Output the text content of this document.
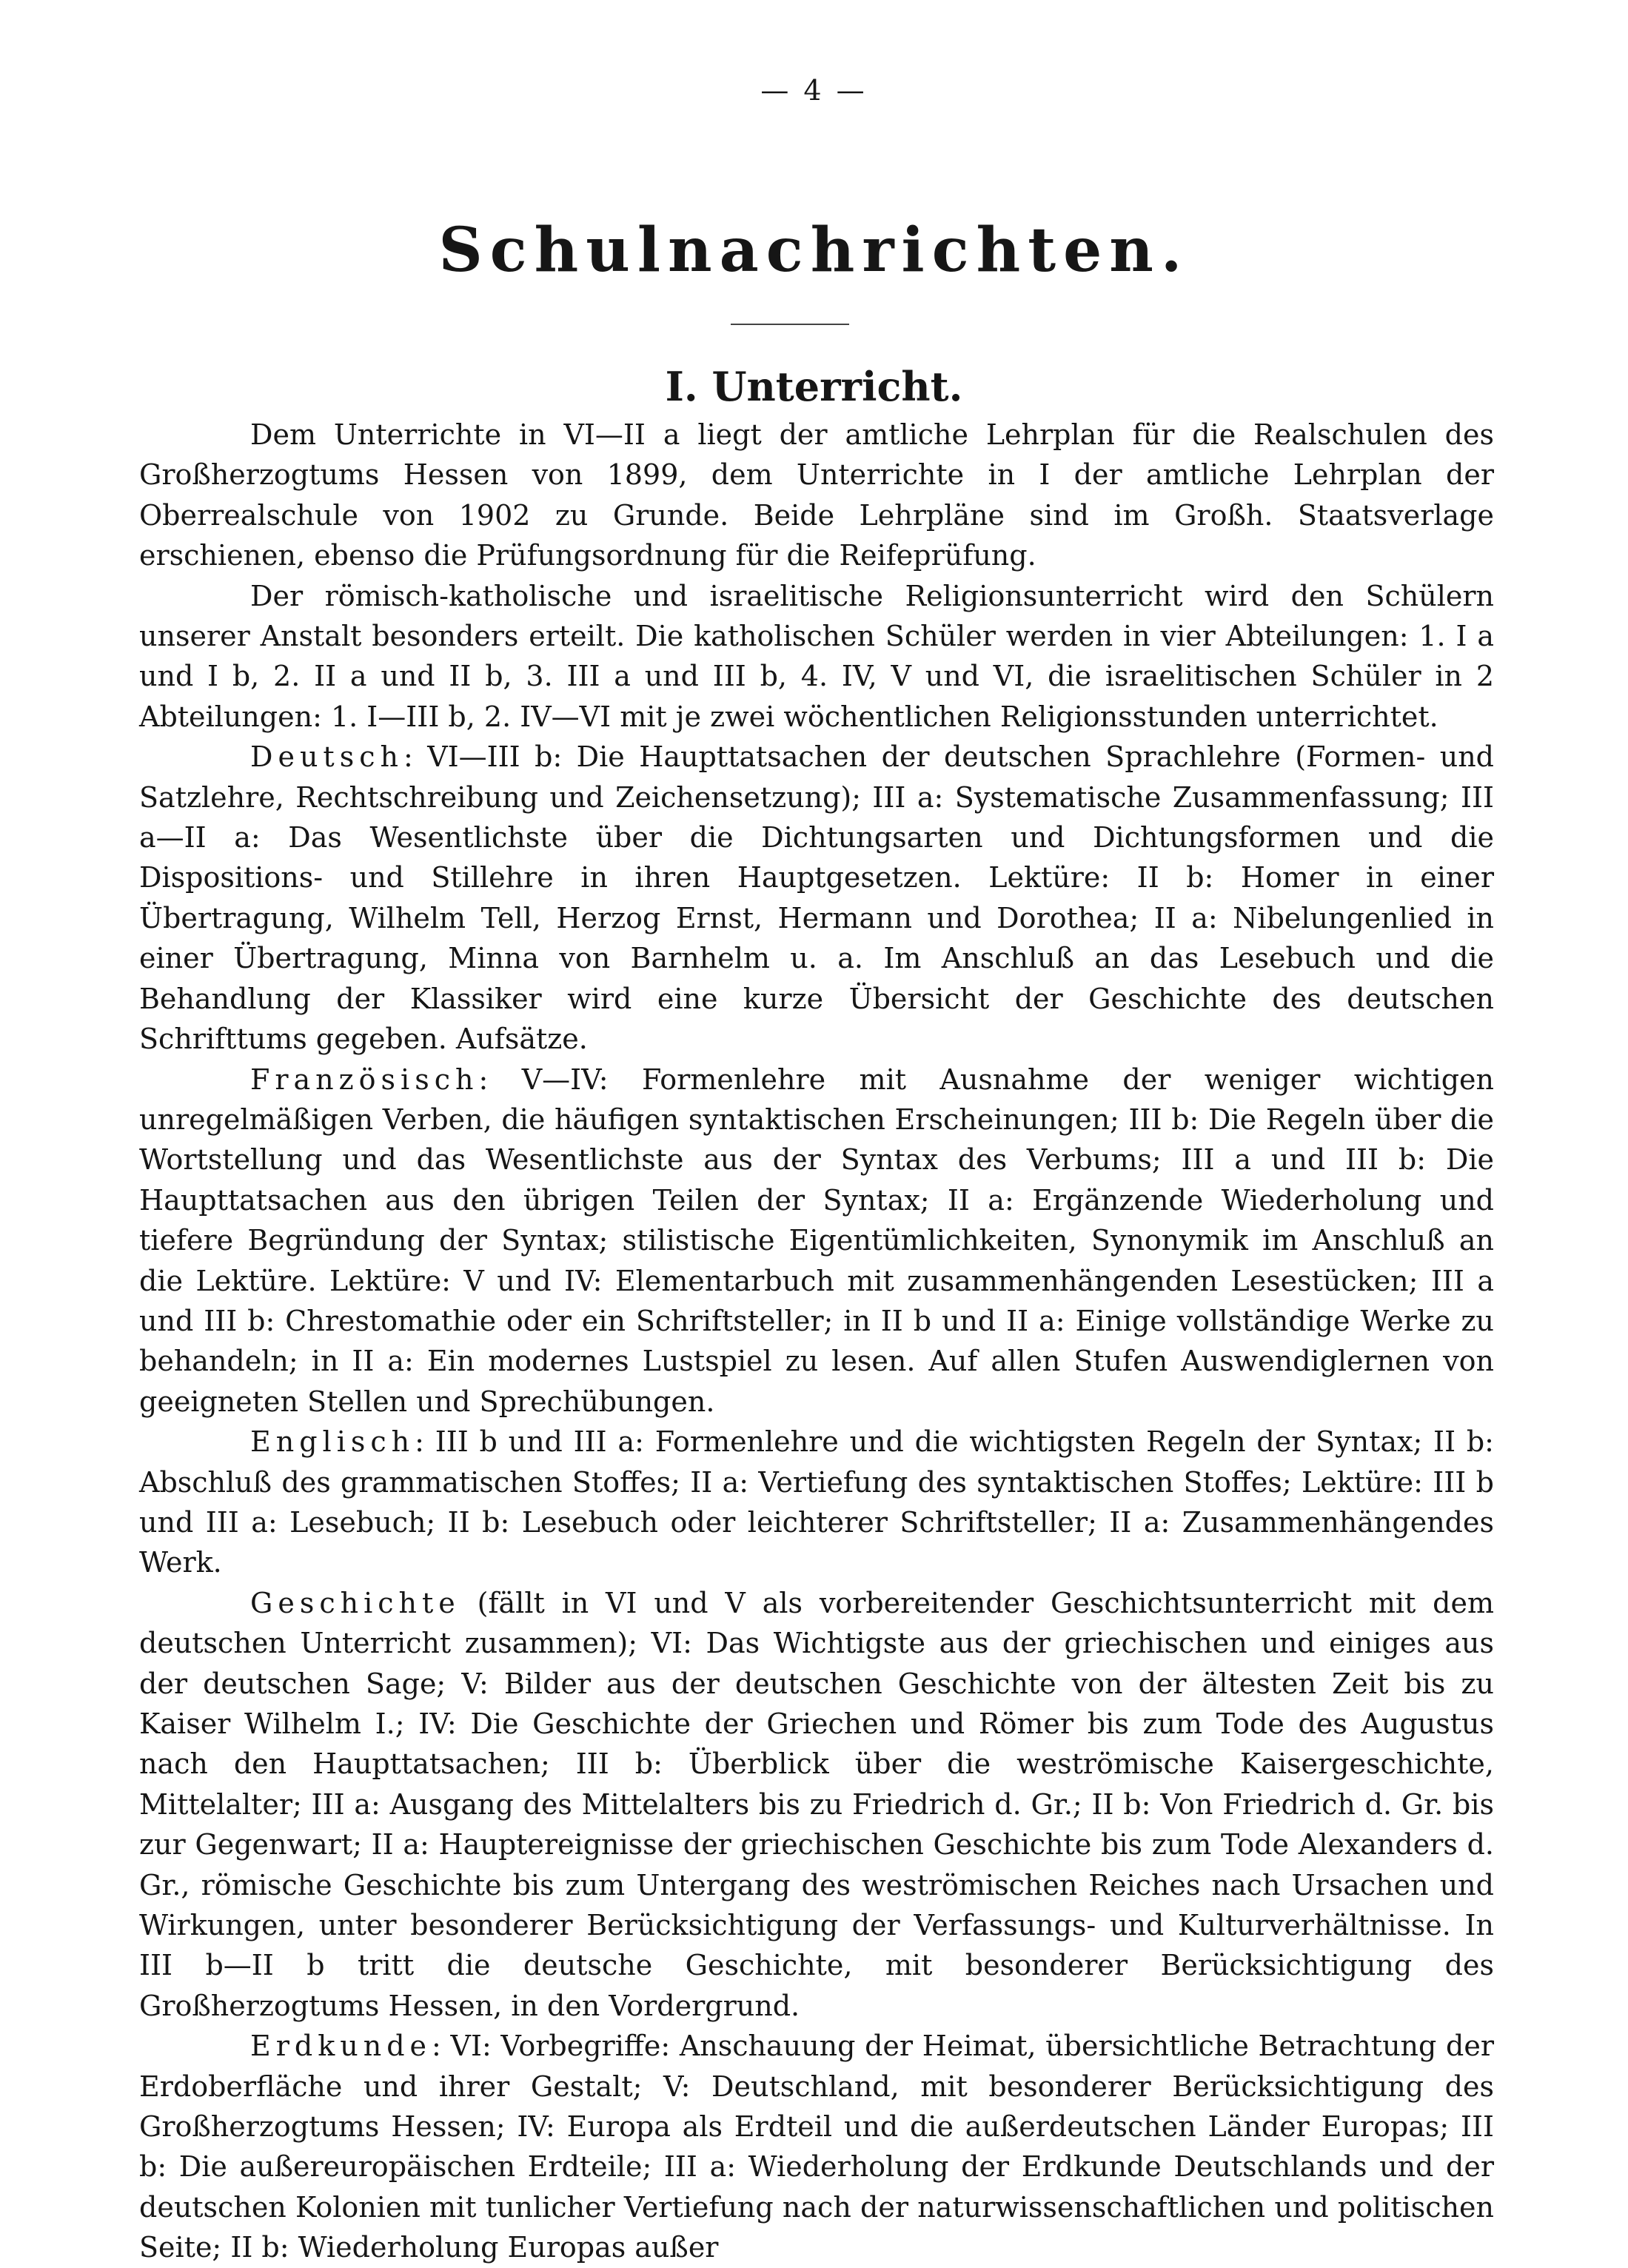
— 4 —
Schulnachrichten.
I. Unterricht.

Dem Unterrichte in VI—II a liegt der amtliche Lehrplan für die Realschulen des Großherzogtums Hessen von 1899, dem Unterrichte in I der amtliche Lehrplan der Oberrealschule von 1902 zu Grunde. Beide Lehrpläne sind im Großh. Staatsverlage erschienen, ebenso die Prüfungsordnung für die Reifeprüfung.

Der römisch-katholische und israelitische Religionsunterricht wird den Schülern unserer Anstalt besonders erteilt. Die katholischen Schüler werden in vier Abteilungen: 1. I a und I b, 2. II a und II b, 3. III a und III b, 4. IV, V und VI, die israelitischen Schüler in 2 Abteilungen: 1. I—III b, 2. IV—VI mit je zwei wöchentlichen Religionsstunden unterrichtet.

Deutsch: VI—III b: Die Haupttatsachen der deutschen Sprachlehre (Formen- und Satzlehre, Rechtschreibung und Zeichensetzung); III a: Systematische Zusammenfassung; III a—II a: Das Wesentlichste über die Dichtungsarten und Dichtungsformen und die Dispositions- und Stillehre in ihren Hauptgesetzen. Lektüre: II b: Homer in einer Übertragung, Wilhelm Tell, Herzog Ernst, Hermann und Dorothea; II a: Nibelungenlied in einer Übertragung, Minna von Barnhelm u. a. Im Anschluß an das Lesebuch und die Behandlung der Klassiker wird eine kurze Übersicht der Geschichte des deutschen Schrifttums gegeben. Aufsätze.

Französisch: V—IV: Formenlehre mit Ausnahme der weniger wichtigen unregelmäßigen Verben, die häufigen syntaktischen Erscheinungen; III b: Die Regeln über die Wortstellung und das Wesentlichste aus der Syntax des Verbums; III a und III b: Die Haupttatsachen aus den übrigen Teilen der Syntax; II a: Ergänzende Wiederholung und tiefere Begründung der Syntax; stilistische Eigentümlichkeiten, Synonymik im Anschluß an die Lektüre. Lektüre: V und IV: Elementarbuch mit zusammenhängenden Lesestücken; III a und III b: Chrestomathie oder ein Schriftsteller; in II b und II a: Einige vollständige Werke zu behandeln; in II a: Ein modernes Lustspiel zu lesen. Auf allen Stufen Auswendiglernen von geeigneten Stellen und Sprechübungen.

Englisch: III b und III a: Formenlehre und die wichtigsten Regeln der Syntax; II b: Abschluß des grammatischen Stoffes; II a: Vertiefung des syntaktischen Stoffes; Lektüre: III b und III a: Lesebuch; II b: Lesebuch oder leichterer Schriftsteller; II a: Zusammenhängendes Werk.

Geschichte (fällt in VI und V als vorbereitender Geschichtsunterricht mit dem deutschen Unterricht zusammen); VI: Das Wichtigste aus der griechischen und einiges aus der deutschen Sage; V: Bilder aus der deutschen Geschichte von der ältesten Zeit bis zu Kaiser Wilhelm I.; IV: Die Geschichte der Griechen und Römer bis zum Tode des Augustus nach den Haupttatsachen; III b: Überblick über die weströmische Kaisergeschichte, Mittelalter; III a: Ausgang des Mittelalters bis zu Friedrich d. Gr.; II b: Von Friedrich d. Gr. bis zur Gegenwart; II a: Hauptereignisse der griechischen Geschichte bis zum Tode Alexanders d. Gr., römische Geschichte bis zum Untergang des weströmischen Reiches nach Ursachen und Wirkungen, unter besonderer Berücksichtigung der Verfassungs- und Kulturverhältnisse. In III b—II b tritt die deutsche Geschichte, mit besonderer Berücksichtigung des Großherzogtums Hessen, in den Vordergrund.

Erdkunde: VI: Vorbegriffe: Anschauung der Heimat, übersichtliche Betrachtung der Erdoberfläche und ihrer Gestalt; V: Deutschland, mit besonderer Berücksichtigung des Großherzogtums Hessen; IV: Europa als Erdteil und die außerdeutschen Länder Europas; III b: Die außereuropäischen Erdteile; III a: Wiederholung der Erdkunde Deutschlands und der deutschen Kolonien mit tunlicher Vertiefung nach der naturwissenschaftlichen und politischen Seite; II b: Wiederholung Europas außer
